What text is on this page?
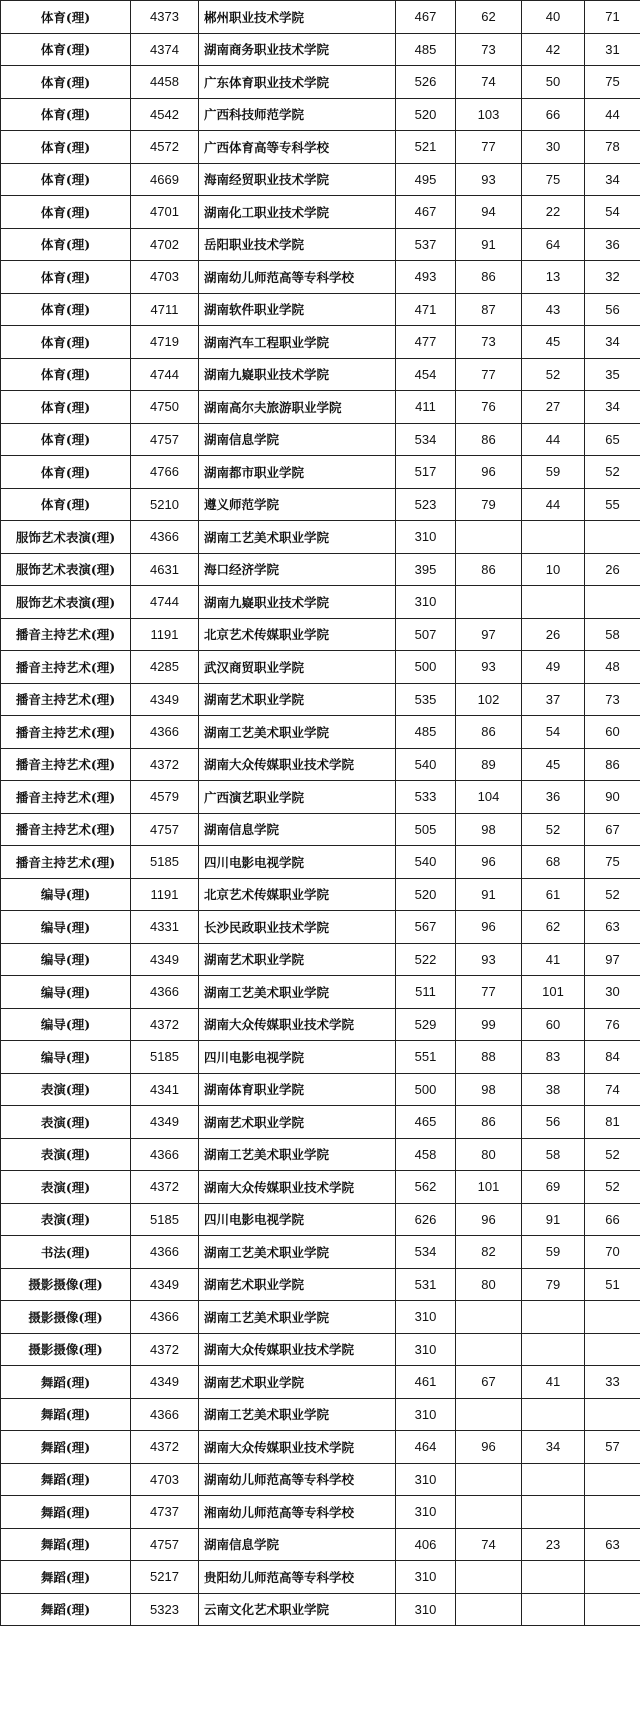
体育(理)	4373	郴州职业技术学院	467	62	40	71
体育(理)	4374	湖南商务职业技术学院	485	73	42	31
体育(理)	4458	广东体育职业技术学院	526	74	50	75
体育(理)	4542	广西科技师范学院	520	103	66	44
体育(理)	4572	广西体育高等专科学校	521	77	30	78
体育(理)	4669	海南经贸职业技术学院	495	93	75	34
体育(理)	4701	湖南化工职业技术学院	467	94	22	54
体育(理)	4702	岳阳职业技术学院	537	91	64	36
体育(理)	4703	湖南幼儿师范高等专科学校	493	86	13	32
体育(理)	4711	湖南软件职业学院	471	87	43	56
体育(理)	4719	湖南汽车工程职业学院	477	73	45	34
体育(理)	4744	湖南九嶷职业技术学院	454	77	52	35
体育(理)	4750	湖南高尔夫旅游职业学院	411	76	27	34
体育(理)	4757	湖南信息学院	534	86	44	65
体育(理)	4766	湖南都市职业学院	517	96	59	52
体育(理)	5210	遵义师范学院	523	79	44	55
服饰艺术表演(理)	4366	湖南工艺美术职业学院	310			
服饰艺术表演(理)	4631	海口经济学院	395	86	10	26
服饰艺术表演(理)	4744	湖南九嶷职业技术学院	310			
播音主持艺术(理)	1191	北京艺术传媒职业学院	507	97	26	58
播音主持艺术(理)	4285	武汉商贸职业学院	500	93	49	48
播音主持艺术(理)	4349	湖南艺术职业学院	535	102	37	73
播音主持艺术(理)	4366	湖南工艺美术职业学院	485	86	54	60
播音主持艺术(理)	4372	湖南大众传媒职业技术学院	540	89	45	86
播音主持艺术(理)	4579	广西演艺职业学院	533	104	36	90
播音主持艺术(理)	4757	湖南信息学院	505	98	52	67
播音主持艺术(理)	5185	四川电影电视学院	540	96	68	75
编导(理)	1191	北京艺术传媒职业学院	520	91	61	52
编导(理)	4331	长沙民政职业技术学院	567	96	62	63
编导(理)	4349	湖南艺术职业学院	522	93	41	97
编导(理)	4366	湖南工艺美术职业学院	511	77	101	30
编导(理)	4372	湖南大众传媒职业技术学院	529	99	60	76
编导(理)	5185	四川电影电视学院	551	88	83	84
表演(理)	4341	湖南体育职业学院	500	98	38	74
表演(理)	4349	湖南艺术职业学院	465	86	56	81
表演(理)	4366	湖南工艺美术职业学院	458	80	58	52
表演(理)	4372	湖南大众传媒职业技术学院	562	101	69	52
表演(理)	5185	四川电影电视学院	626	96	91	66
书法(理)	4366	湖南工艺美术职业学院	534	82	59	70
摄影摄像(理)	4349	湖南艺术职业学院	531	80	79	51
摄影摄像(理)	4366	湖南工艺美术职业学院	310			
摄影摄像(理)	4372	湖南大众传媒职业技术学院	310			
舞蹈(理)	4349	湖南艺术职业学院	461	67	41	33
舞蹈(理)	4366	湖南工艺美术职业学院	310			
舞蹈(理)	4372	湖南大众传媒职业技术学院	464	96	34	57
舞蹈(理)	4703	湖南幼儿师范高等专科学校	310			
舞蹈(理)	4737	湘南幼儿师范高等专科学校	310			
舞蹈(理)	4757	湖南信息学院	406	74	23	63
舞蹈(理)	5217	贵阳幼儿师范高等专科学校	310			
舞蹈(理)	5323	云南文化艺术职业学院	310			
